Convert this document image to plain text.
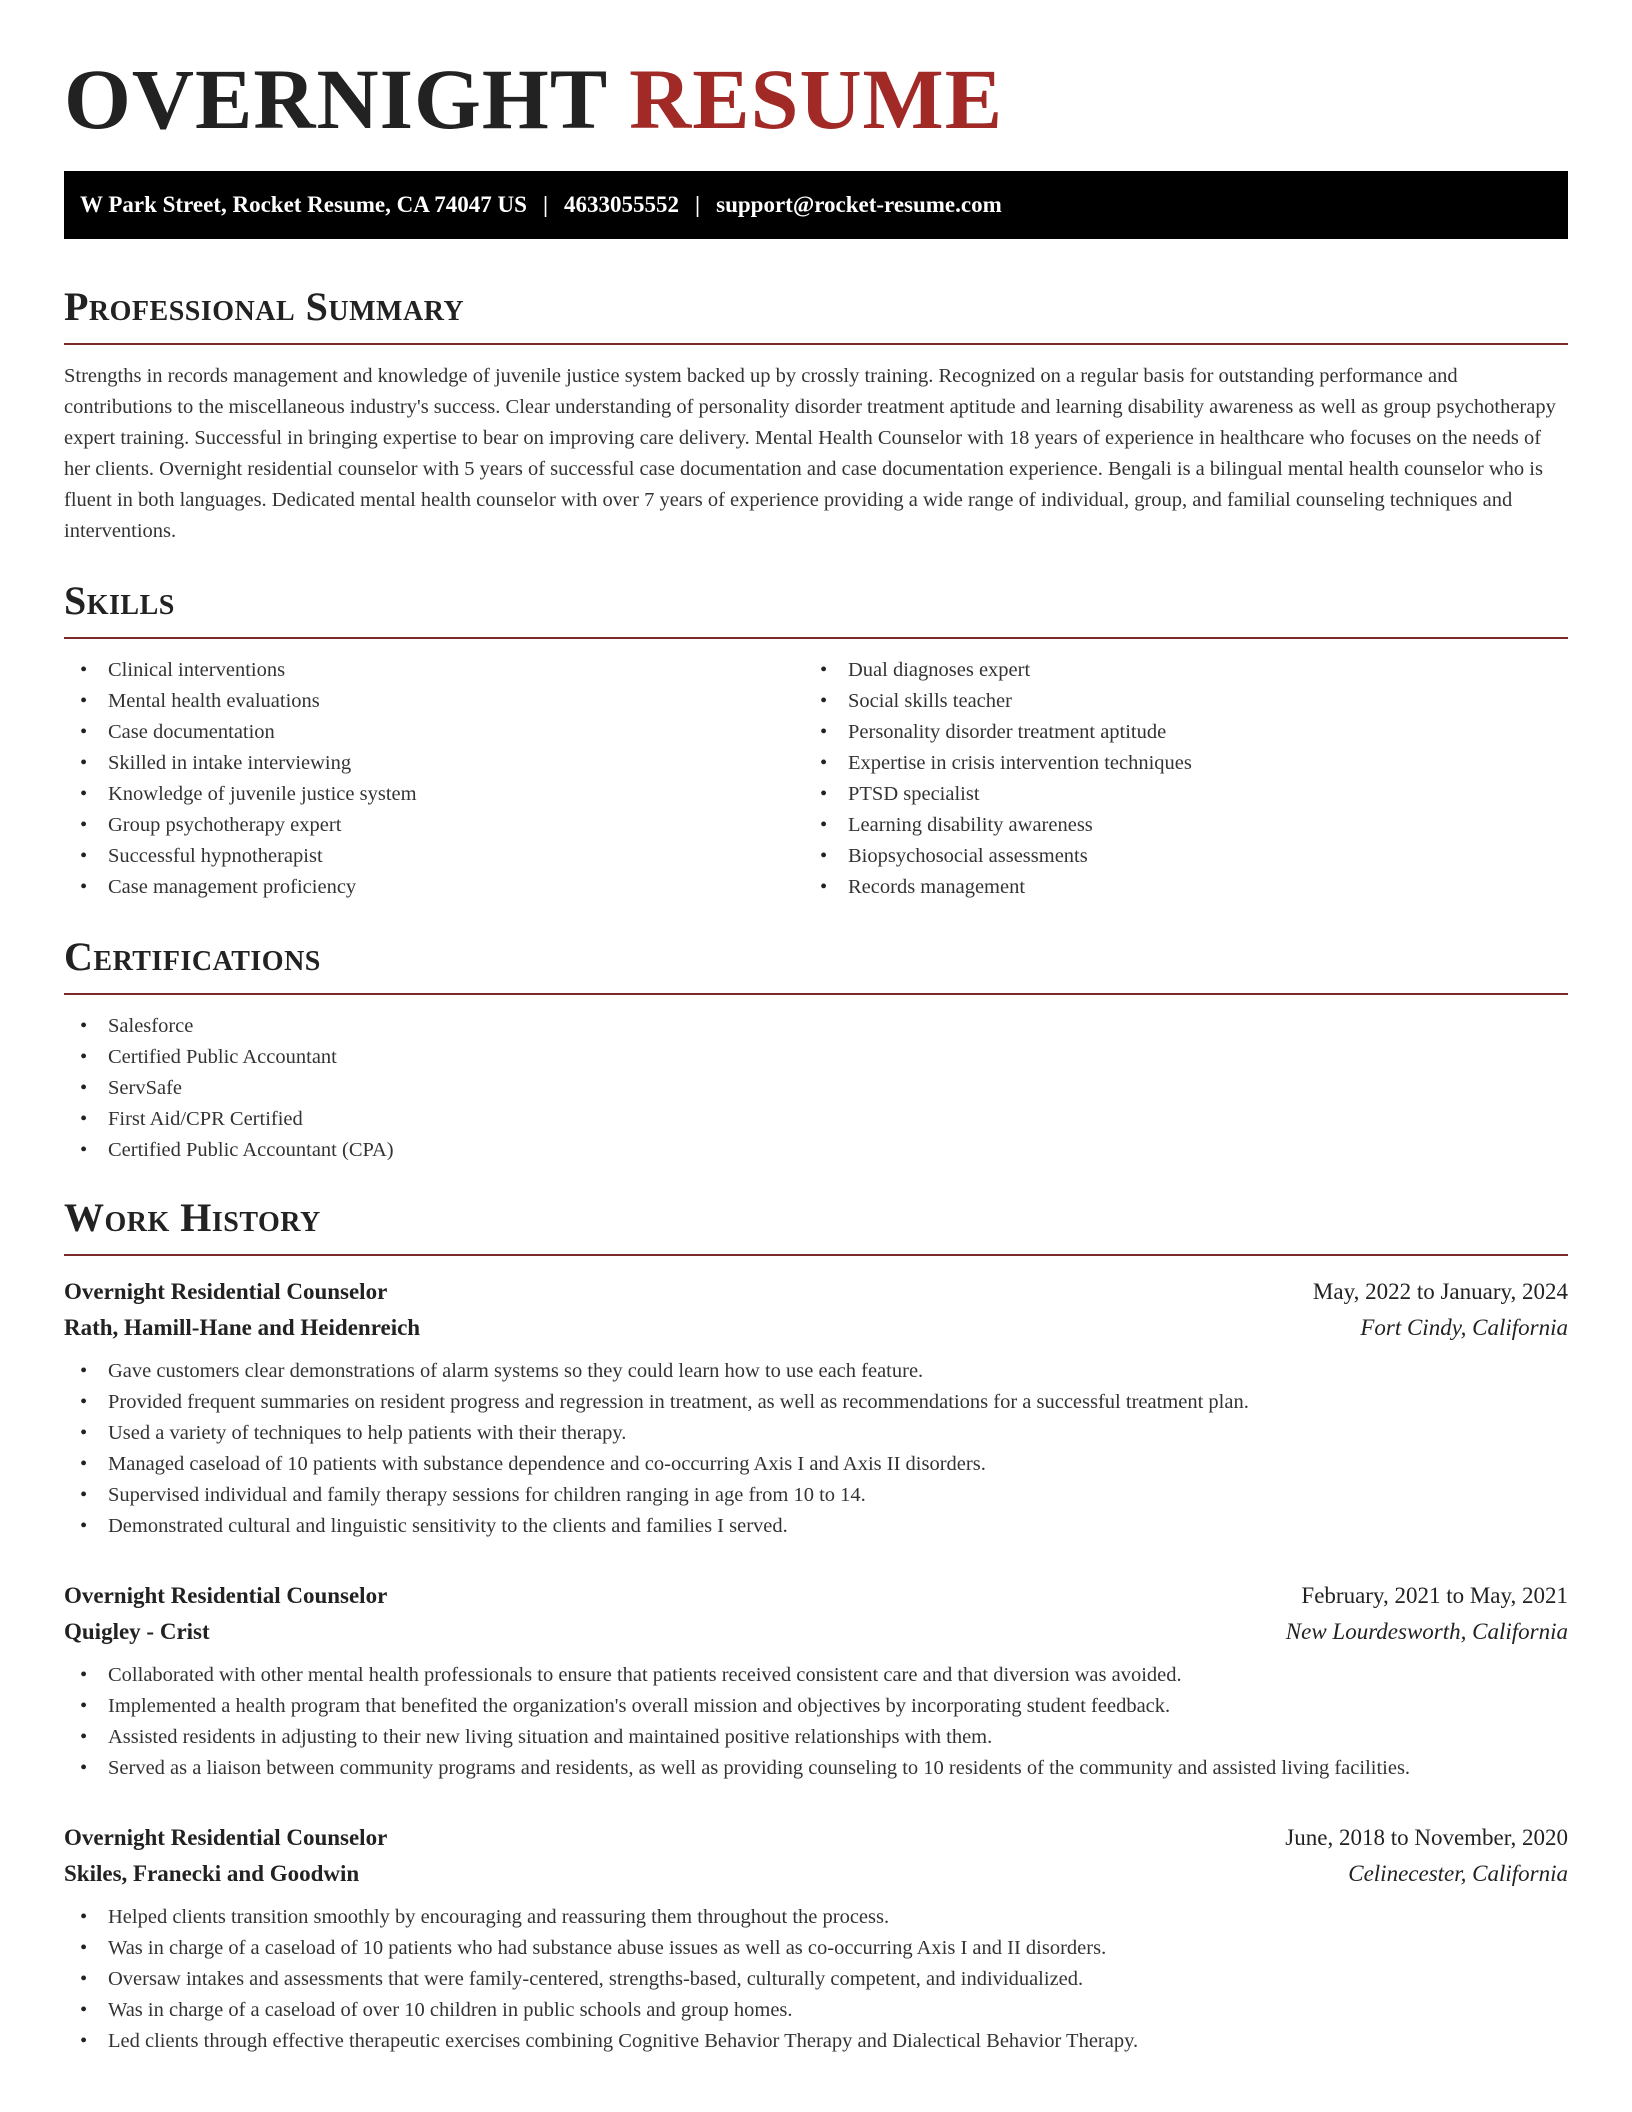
OVERNIGHT RESUME
W Park Street, Rocket Resume, CA 74047 US | 4633055552 | support@rocket-resume.com
Professional Summary

Strengths in records management and knowledge of juvenile justice system backed up by crossly training. Recognized on a regular basis for outstanding performance and contributions to the miscellaneous industry's success. Clear understanding of personality disorder treatment aptitude and learning disability awareness as well as group psychotherapy expert training. Successful in bringing expertise to bear on improving care delivery. Mental Health Counselor with 18 years of experience in healthcare who focuses on the needs of her clients. Overnight residential counselor with 5 years of successful case documentation and case documentation experience. Bengali is a bilingual mental health counselor who is fluent in both languages. Dedicated mental health counselor with over 7 years of experience providing a wide range of individual, group, and familial counseling techniques and interventions.

Skills
• Clinical interventions
• Mental health evaluations
• Case documentation
• Skilled in intake interviewing
• Knowledge of juvenile justice system
• Group psychotherapy expert
• Successful hypnotherapist
• Case management proficiency
• Dual diagnoses expert
• Social skills teacher
• Personality disorder treatment aptitude
• Expertise in crisis intervention techniques
• PTSD specialist
• Learning disability awareness
• Biopsychosocial assessments
• Records management
Certifications
• Salesforce
• Certified Public Accountant
• ServSafe
• First Aid/CPR Certified
• Certified Public Accountant (CPA)
Work History
Overnight Residential Counselor	May, 2022 to January, 2024
Rath, Hamill-Hane and Heidenreich	Fort Cindy, California
• Gave customers clear demonstrations of alarm systems so they could learn how to use each feature.
• Provided frequent summaries on resident progress and regression in treatment, as well as recommendations for a successful treatment plan.
• Used a variety of techniques to help patients with their therapy.
• Managed caseload of 10 patients with substance dependence and co-occurring Axis I and Axis II disorders.
• Supervised individual and family therapy sessions for children ranging in age from 10 to 14.
• Demonstrated cultural and linguistic sensitivity to the clients and families I served.
Overnight Residential Counselor	February, 2021 to May, 2021
Quigley - Crist	New Lourdesworth, California
• Collaborated with other mental health professionals to ensure that patients received consistent care and that diversion was avoided.
• Implemented a health program that benefited the organization's overall mission and objectives by incorporating student feedback.
• Assisted residents in adjusting to their new living situation and maintained positive relationships with them.
• Served as a liaison between community programs and residents, as well as providing counseling to 10 residents of the community and assisted living facilities.
Overnight Residential Counselor	June, 2018 to November, 2020
Skiles, Franecki and Goodwin	Celinecester, California
• Helped clients transition smoothly by encouraging and reassuring them throughout the process.
• Was in charge of a caseload of 10 patients who had substance abuse issues as well as co-occurring Axis I and II disorders.
• Oversaw intakes and assessments that were family-centered, strengths-based, culturally competent, and individualized.
• Was in charge of a caseload of over 10 children in public schools and group homes.
• Led clients through effective therapeutic exercises combining Cognitive Behavior Therapy and Dialectical Behavior Therapy.
